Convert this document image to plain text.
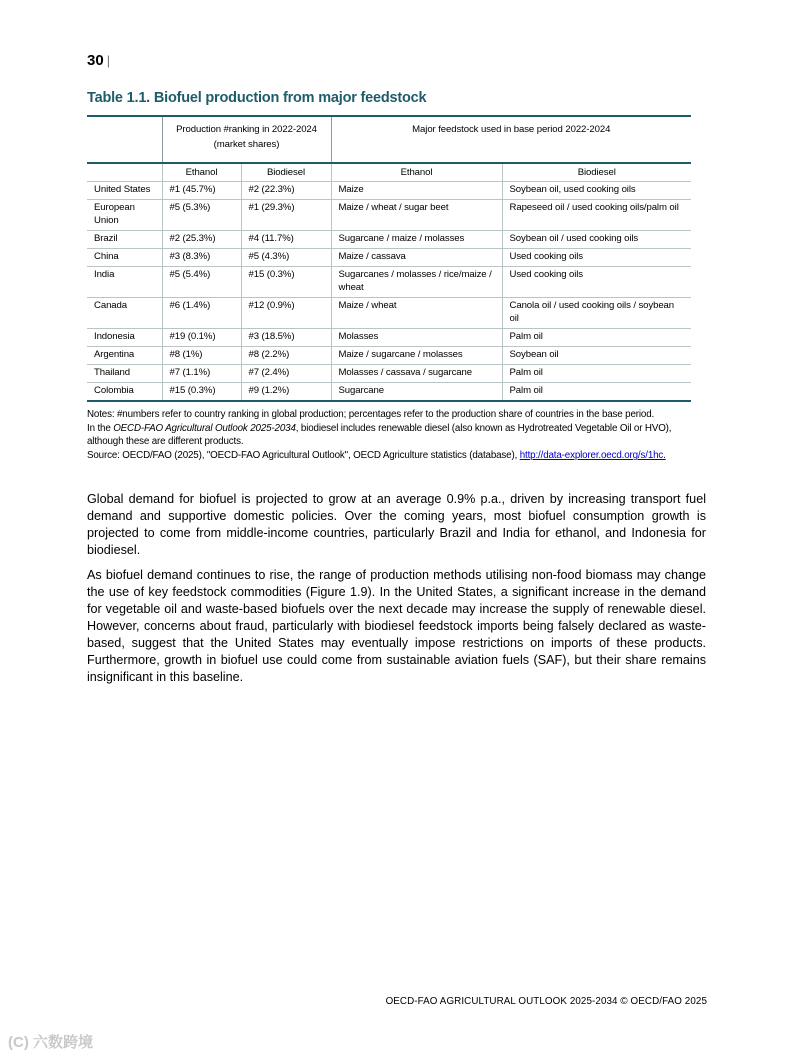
30 |
Table 1.1. Biofuel production from major feedstock
	Production #ranking in 2022-2024 (market shares)		Major feedstock used in base period 2022-2024	
	Ethanol	Biodiesel	Ethanol	Biodiesel
United States	#1 (45.7%)	#2 (22.3%)	Maize	Soybean oil, used cooking oils
European Union	#5 (5.3%)	#1 (29.3%)	Maize / wheat / sugar beet	Rapeseed oil / used cooking oils/palm oil
Brazil	#2 (25.3%)	#4 (11.7%)	Sugarcane / maize / molasses	Soybean oil / used cooking oils
China	#3 (8.3%)	#5 (4.3%)	Maize / cassava	Used cooking oils
India	#5 (5.4%)	#15 (0.3%)	Sugarcanes / molasses / rice/maize / wheat	Used cooking oils
Canada	#6 (1.4%)	#12 (0.9%)	Maize / wheat	Canola oil / used cooking oils / soybean oil
Indonesia	#19 (0.1%)	#3 (18.5%)	Molasses	Palm oil
Argentina	#8 (1%)	#8 (2.2%)	Maize / sugarcane / molasses	Soybean oil
Thailand	#7 (1.1%)	#7 (2.4%)	Molasses / cassava / sugarcane	Palm oil
Colombia	#15 (0.3%)	#9 (1.2%)	Sugarcane	Palm oil

Notes: #numbers refer to country ranking in global production; percentages refer to the production share of countries in the base period.

In the OECD-FAO Agricultural Outlook 2025-2034, biodiesel includes renewable diesel (also known as Hydrotreated Vegetable Oil or HVO), although these are different products.

Source: OECD/FAO (2025), "OECD-FAO Agricultural Outlook", OECD Agriculture statistics (database), http://data-explorer.oecd.org/s/1hc.

Global demand for biofuel is projected to grow at an average 0.9% p.a., driven by increasing transport fuel demand and supportive domestic policies. Over the coming years, most biofuel consumption growth is projected to come from middle-income countries, particularly Brazil and India for ethanol, and Indonesia for biodiesel.

As biofuel demand continues to rise, the range of production methods utilising non-food biomass may change the use of key feedstock commodities (Figure 1.9). In the United States, a significant increase in the demand for vegetable oil and waste-based biofuels over the next decade may increase the supply of renewable diesel. However, concerns about fraud, particularly with biodiesel feedstock imports being falsely declared as waste-based, suggest that the United States may eventually impose restrictions on imports of these products. Furthermore, growth in biofuel use could come from sustainable aviation fuels (SAF), but their share remains insignificant in this baseline.

OECD-FAO AGRICULTURAL OUTLOOK 2025-2034 © OECD/FAO 2025
(C) 六数跨境
